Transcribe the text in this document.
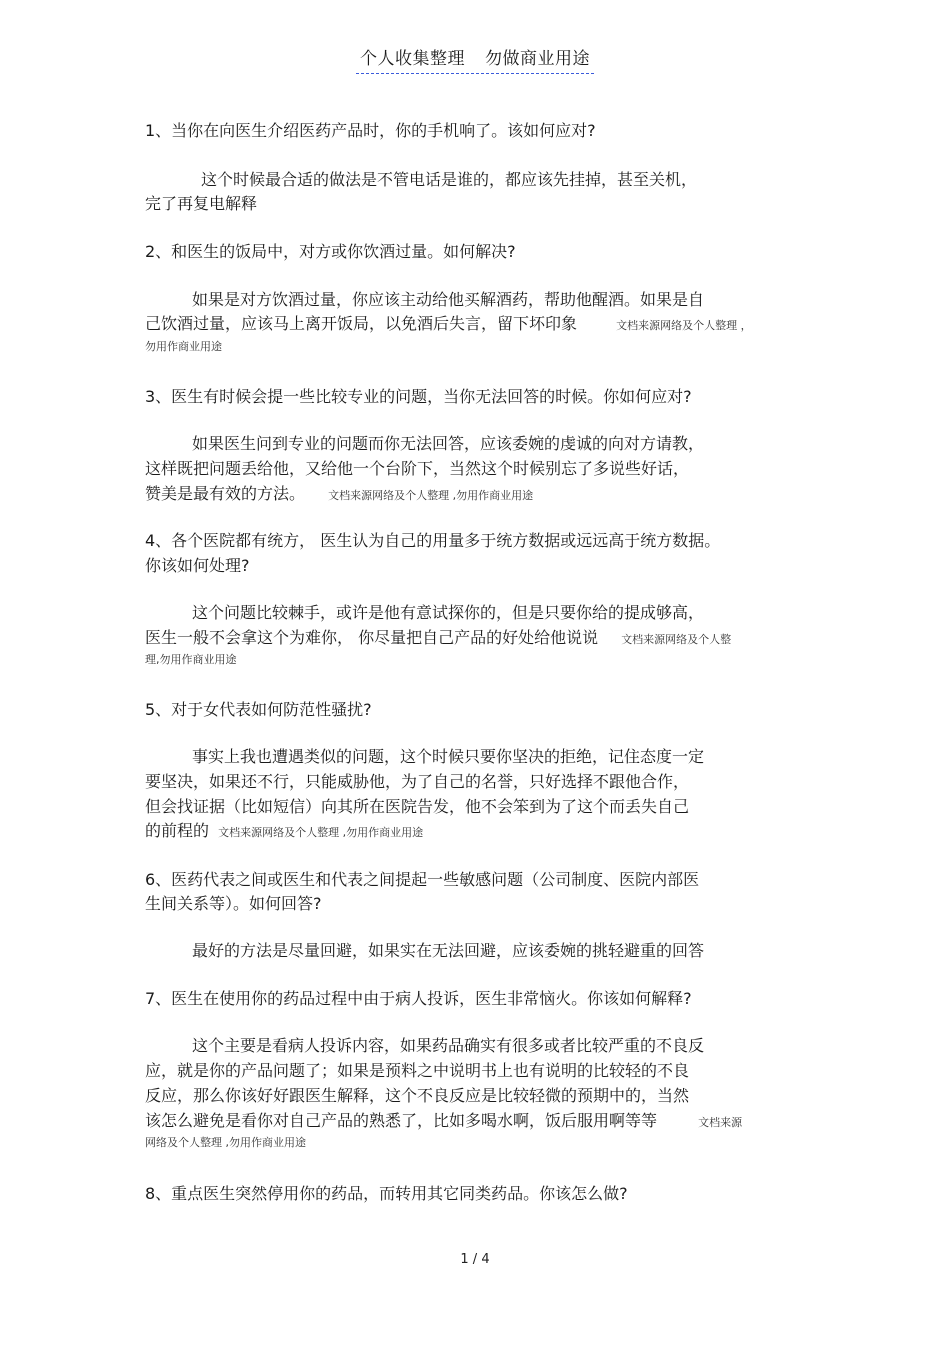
个人收集整理 勿做商业用途
1、当你在向医生介绍医药产品时，你的手机响了。该如何应对?
这个时候最合适的做法是不管电话是谁的，都应该先挂掉，甚至关机，
完了再复电解释
2、和医生的饭局中，对方或你饮酒过量。如何解决?
如果是对方饮酒过量，你应该主动给他买解酒药，帮助他醒酒。如果是自
己饮酒过量，应该马上离开饭局，以免酒后失言，留下坏印象	文档来源网络及个人整理 ，
勿用作商业用途
3、医生有时候会提一些比较专业的问题，当你无法回答的时候。你如何应对?
如果医生问到专业的问题而你无法回答，应该委婉的虔诚的向对方请教，
这样既把问题丢给他，又给他一个台阶下，当然这个时候别忘了多说些好话，
赞美是最有效的方法。 文档来源网络及个人整理 ,勿用作商业用途
4、各个医院都有统方， 医生认为自己的用量多于统方数据或远远高于统方数据。
你该如何处理?
这个问题比较棘手，或许是他有意试探你的，但是只要你给的提成够高，
医生一般不会拿这个为难你， 你尽量把自己产品的好处给他说说 文档来源网络及个人整
理,勿用作商业用途
5、对于女代表如何防范性骚扰?
事实上我也遭遇类似的问题，这个时候只要你坚决的拒绝，记住态度一定
要坚决，如果还不行，只能威胁他，为了自己的名誉，只好选择不跟他合作，
但会找证据（比如短信）向其所在医院告发，他不会笨到为了这个而丢失自己
的前程的 文档来源网络及个人整理 ,勿用作商业用途
6、医药代表之间或医生和代表之间提起一些敏感问题（公司制度、医院内部医
生间关系等）。如何回答?
最好的方法是尽量回避，如果实在无法回避，应该委婉的挑轻避重的回答
7、医生在使用你的药品过程中由于病人投诉，医生非常恼火。你该如何解释?
这个主要是看病人投诉内容，如果药品确实有很多或者比较严重的不良反
应，就是你的产品问题了；如果是预料之中说明书上也有说明的比较轻的不良
反应，那么你该好好跟医生解释，这个不良反应是比较轻微的预期中的，当然
该怎么避免是看你对自己产品的熟悉了，比如多喝水啊，饭后服用啊等等	文档来源
网络及个人整理 ,勿用作商业用途
8、重点医生突然停用你的药品，而转用其它同类药品。你该怎么做?
1 / 4
